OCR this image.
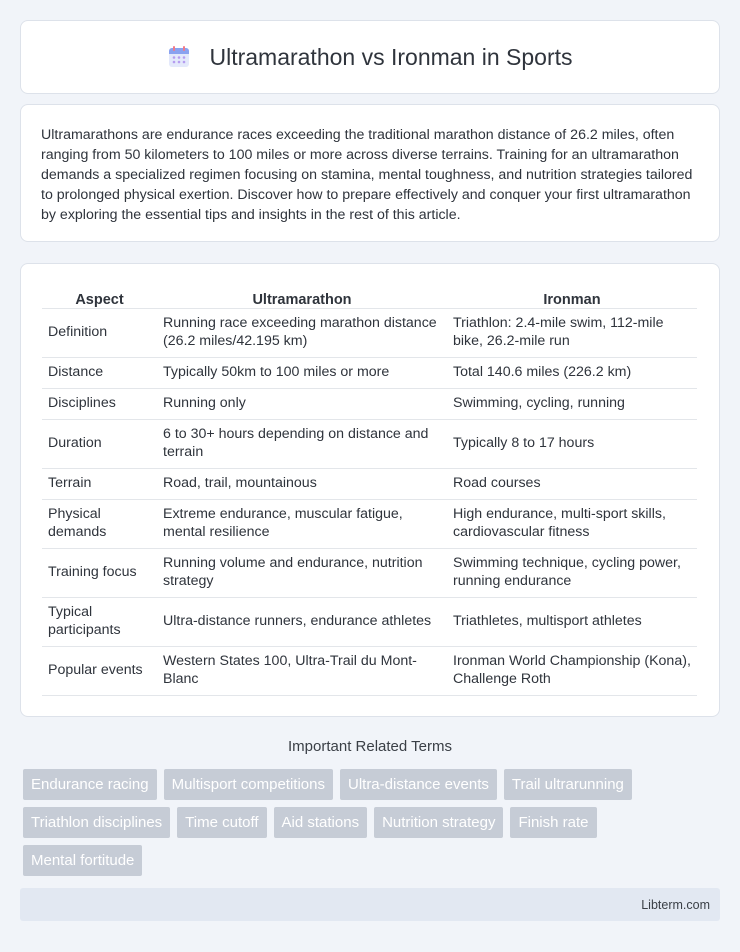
Ultramarathon vs Ironman in Sports

Ultramarathons are endurance races exceeding the traditional marathon distance of 26.2 miles, often ranging from 50 kilometers to 100 miles or more across diverse terrains. Training for an ultramarathon demands a specialized regimen focusing on stamina, mental toughness, and nutrition strategies tailored to prolonged physical exertion. Discover how to prepare effectively and conquer your first ultramarathon by exploring the essential tips and insights in the rest of this article.

Aspect	Ultramarathon	Ironman
Definition	Running race exceeding marathon distance (26.2 miles/42.195 km)	Triathlon: 2.4-mile swim, 112-mile bike, 26.2-mile run
Distance	Typically 50km to 100 miles or more	Total 140.6 miles (226.2 km)
Disciplines	Running only	Swimming, cycling, running
Duration	6 to 30+ hours depending on distance and terrain	Typically 8 to 17 hours
Terrain	Road, trail, mountainous	Road courses
Physical demands	Extreme endurance, muscular fatigue, mental resilience	High endurance, multi-sport skills, cardiovascular fitness
Training focus	Running volume and endurance, nutrition strategy	Swimming technique, cycling power, running endurance
Typical participants	Ultra-distance runners, endurance athletes	Triathletes, multisport athletes
Popular events	Western States 100, Ultra-Trail du Mont-Blanc	Ironman World Championship (Kona), Challenge Roth
Important Related Terms
Endurance racing	Multisport competitions	Ultra-distance events	Trail ultrarunning
Triathlon disciplines	Time cutoff	Aid stations	Nutrition strategy	Finish rate
Mental fortitude
Libterm.com
